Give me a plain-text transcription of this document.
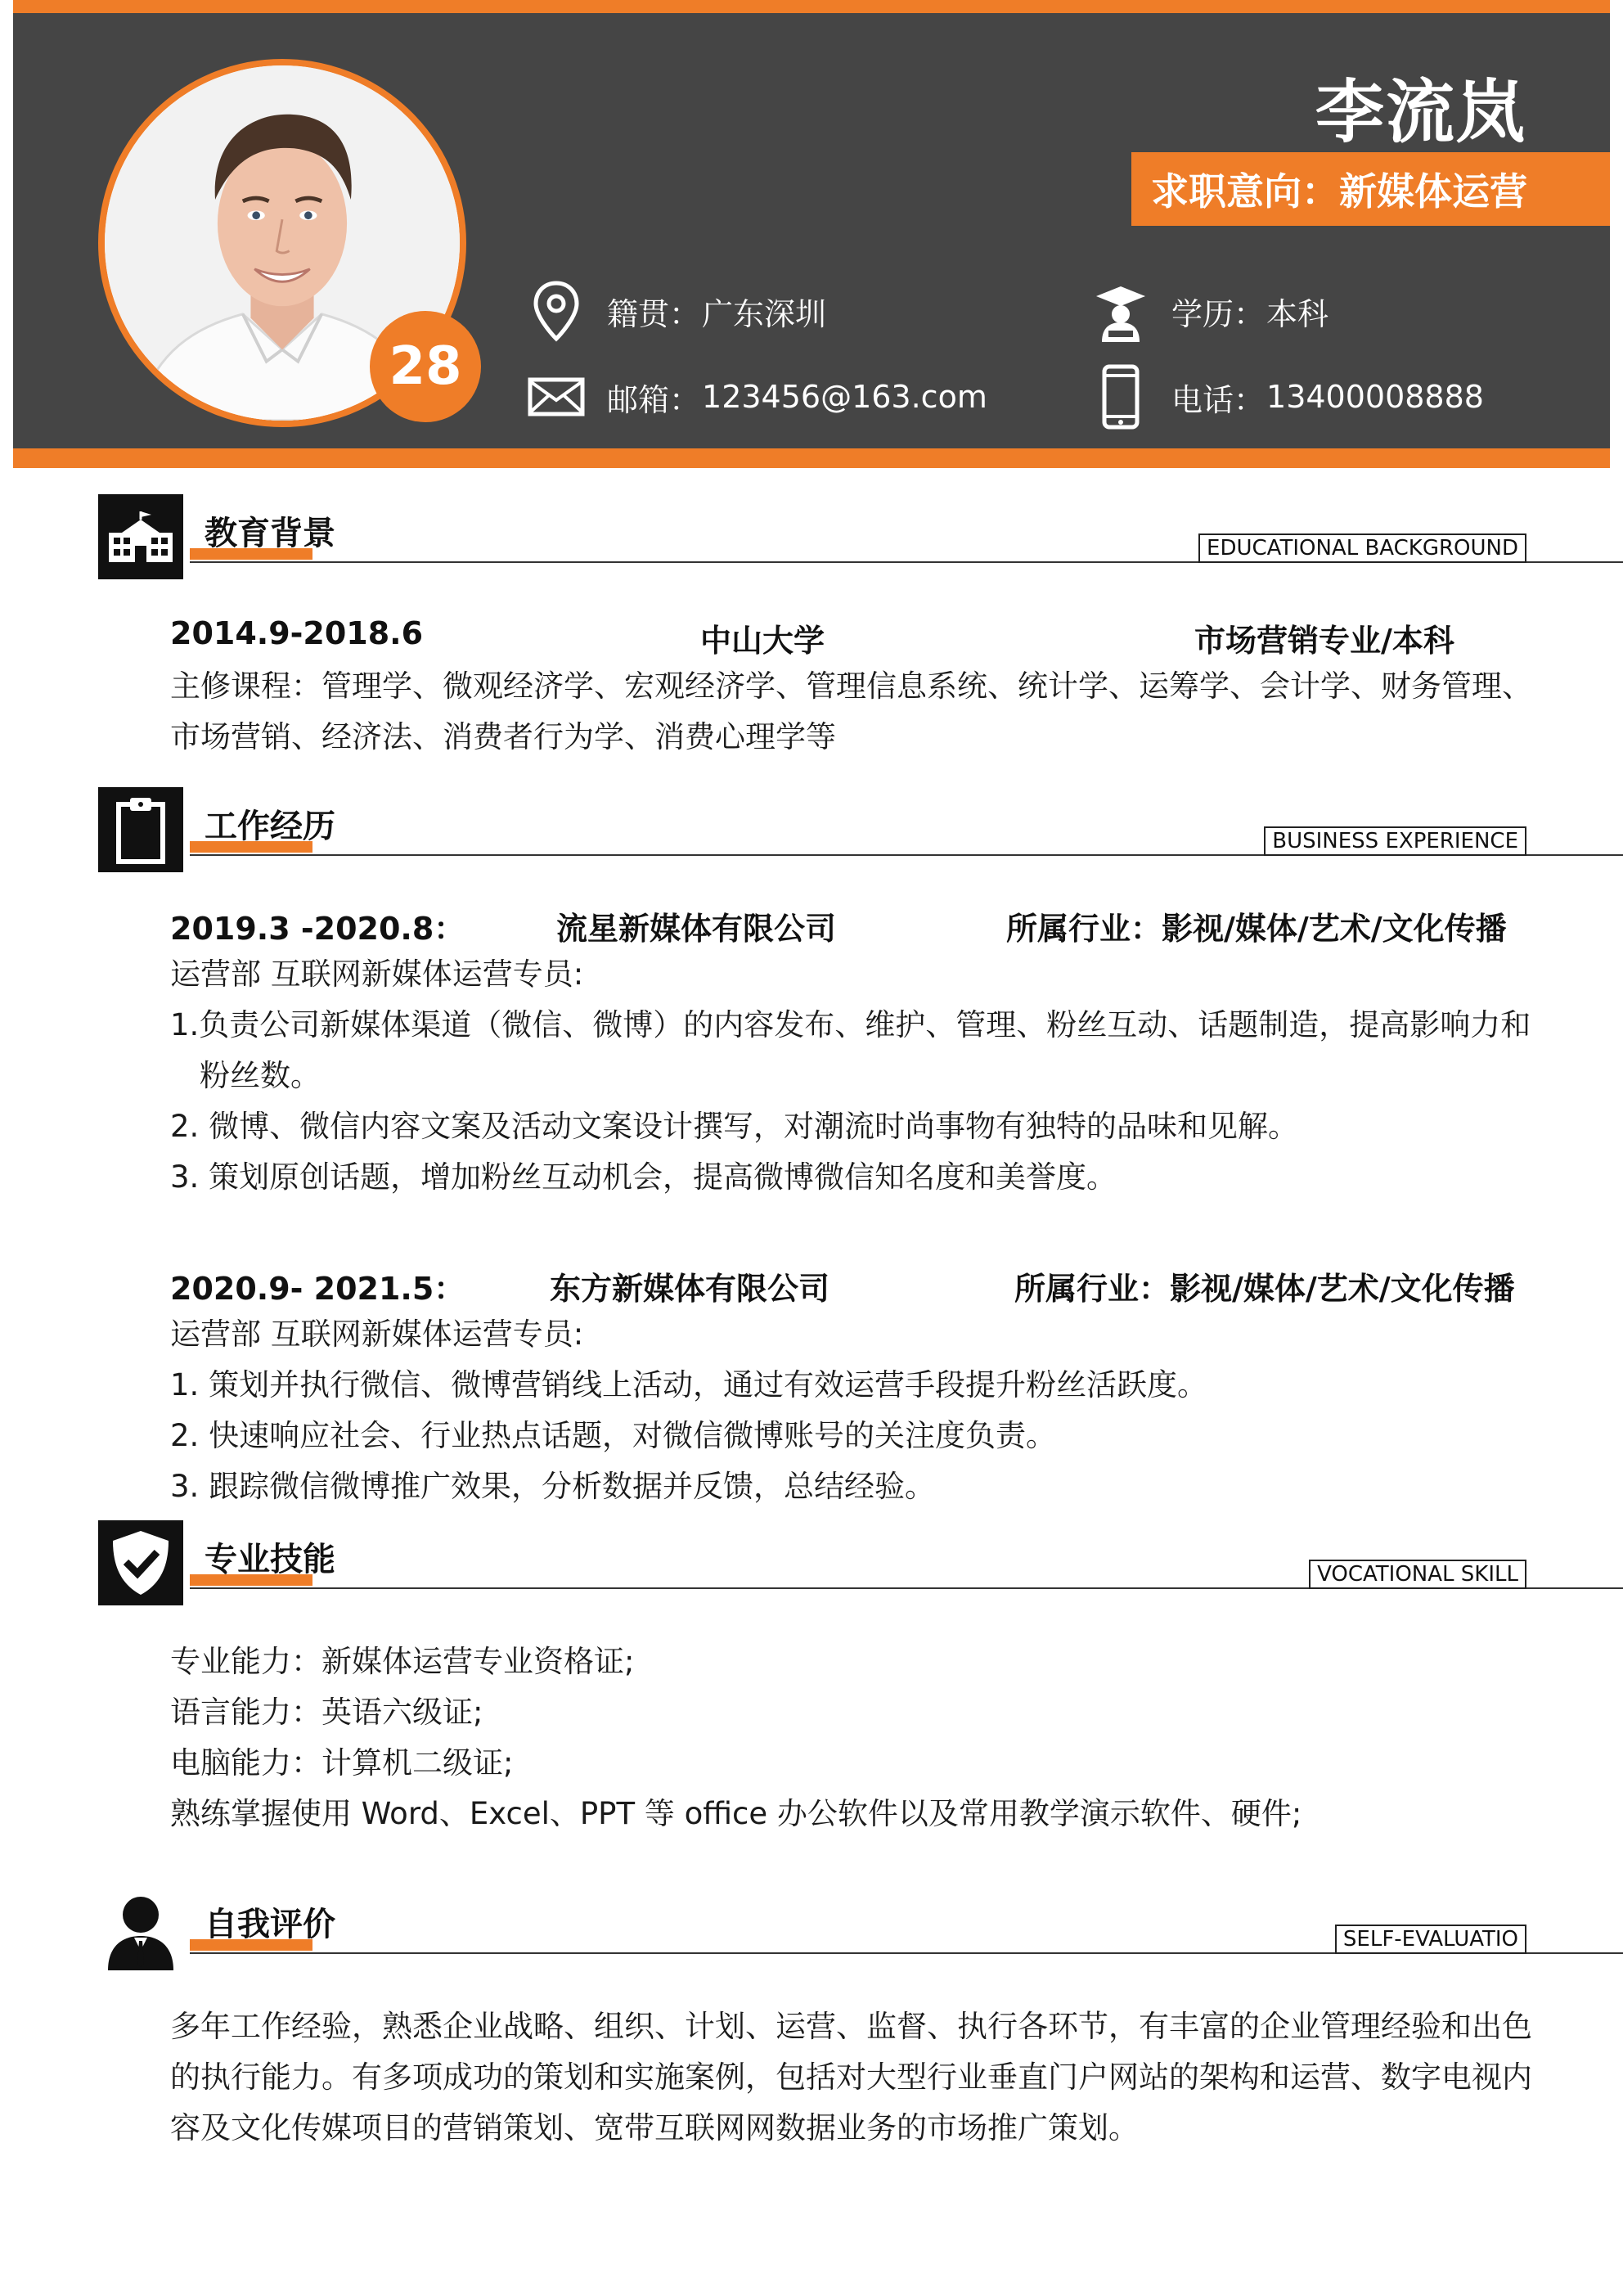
28
李流岚
求职意向：新媒体运营
籍贯： 广东深圳	学历： 本科
邮箱： 123456@163.com	电话： 13400008888
教育背景	EDUCATIONAL BACKGROUND
2014.9-2018.6	中山大学	市场营销专业/本科
主修课程：管理学、微观经济学、宏观经济学、管理信息系统、统计学、运筹学、会计学、财务管理、
市场营销、经济法、消费者行为学、消费心理学等
工作经历	BUSINESS EXPERIENCE
2019.3 -2020.8：	流星新媒体有限公司	所属行业：影视/媒体/艺术/文化传播
运营部 互联网新媒体运营专员:
1.负责公司新媒体渠道（微信、微博）的内容发布、维护、管理、粉丝互动、话题制造，提高影响力和
粉丝数。
2. 微博、微信内容文案及活动文案设计撰写，对潮流时尚事物有独特的品味和见解。
3. 策划原创话题，增加粉丝互动机会，提高微博微信知名度和美誉度。
2020.9- 2021.5：	东方新媒体有限公司	所属行业：影视/媒体/艺术/文化传播
运营部 互联网新媒体运营专员:
1. 策划并执行微信、微博营销线上活动，通过有效运营手段提升粉丝活跃度。
2. 快速响应社会、行业热点话题，对微信微博账号的关注度负责。
3. 跟踪微信微博推广效果，分析数据并反馈，总结经验。
专业技能	VOCATIONAL SKILL
专业能力：新媒体运营专业资格证;
语言能力：英语六级证;
电脑能力：计算机二级证;
熟练掌握使用 Word、Excel、PPT 等 office 办公软件以及常用教学演示软件、硬件;
自我评价	SELF-EVALUATIO
多年工作经验，熟悉企业战略、组织、计划、运营、监督、执行各环节，有丰富的企业管理经验和出色
的执行能力。有多项成功的策划和实施案例，包括对大型行业垂直门户网站的架构和运营、数字电视内
容及文化传媒项目的营销策划、宽带互联网网数据业务的市场推广策划。
